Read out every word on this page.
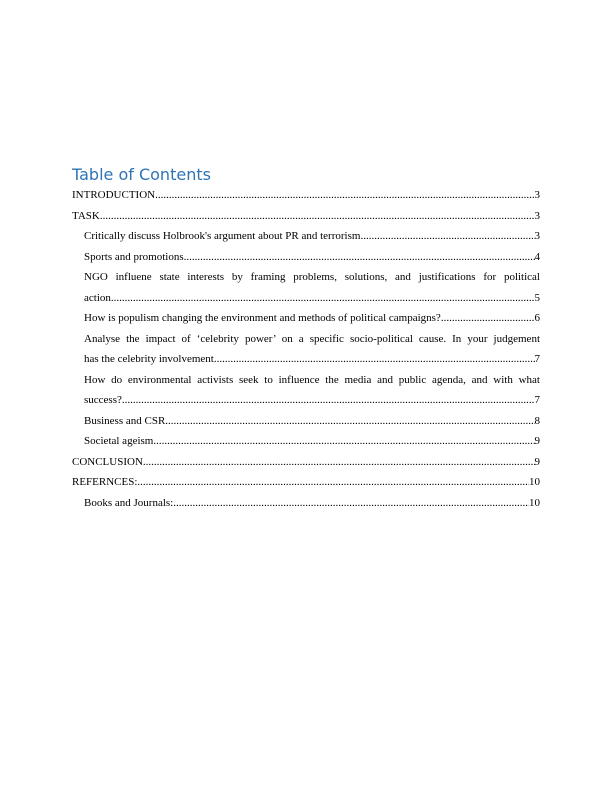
Table of Contents
INTRODUCTION .....	3
TASK .....	3
Critically discuss Holbrook's argument about PR and terrorism .....	3
Sports and promotions .....	4
NGO influene state interests by framing problems, solutions, and justifications for political
action .....	5
How is populism changing the environment and methods of political campaigns? .....	6
Analyse the impact of ‘celebrity power’ on a specific socio-political cause. In your judgement
has the celebrity involvement .....	7
How do environmental activists seek to influence the media and public agenda, and with what
success? .....	7
Business and CSR .....	8
Societal ageism .....	9
CONCLUSION .....	9
REFERNCES: .....	10
Books and Journals: .....	10
